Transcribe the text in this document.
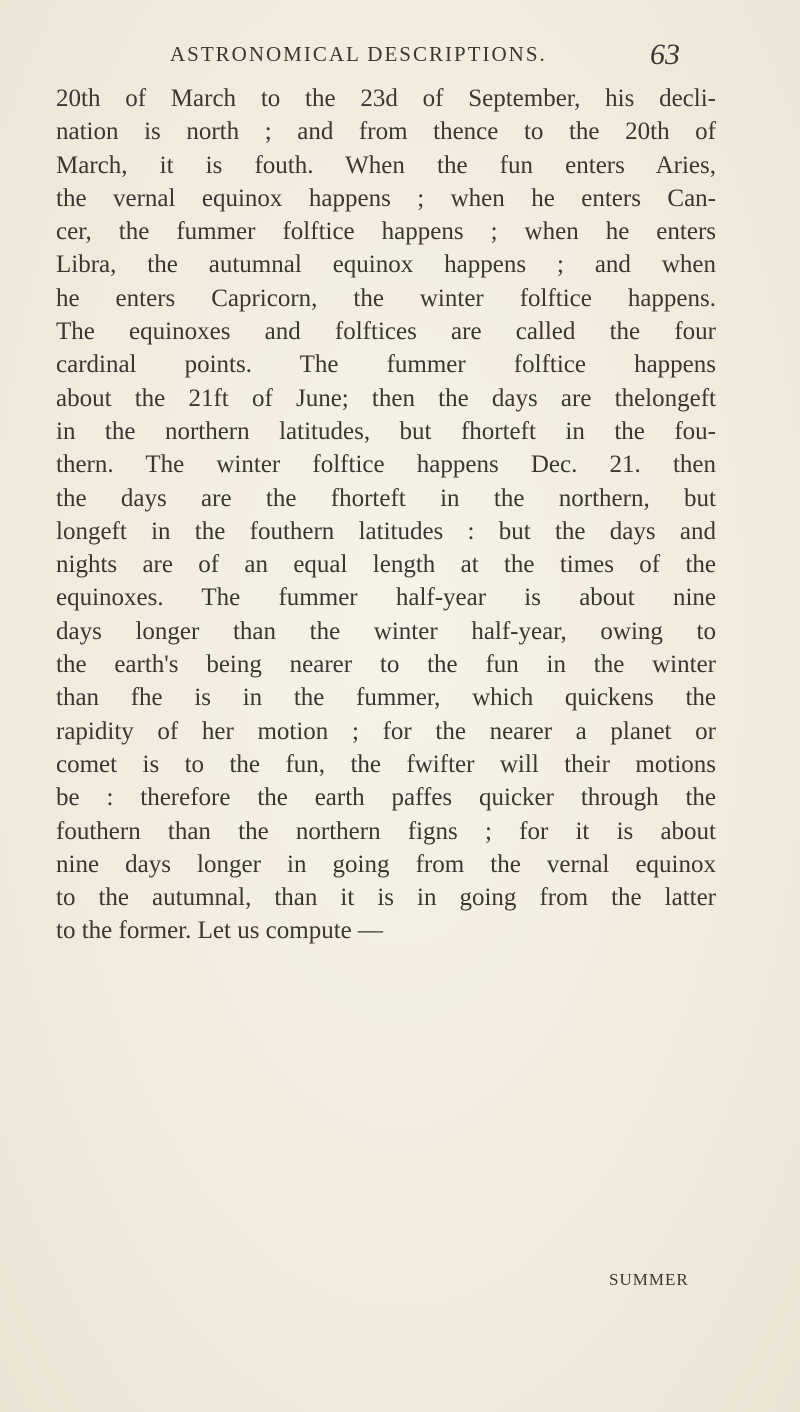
ASTRONOMICAL DESCRIPTIONS.	63
20th of March to the 23d of September, his decli-
nation is north ; and from thence to the 20th of
March, it is fouth. When the fun enters Aries,
the vernal equinox happens ; when he enters Can-
cer, the fummer folftice happens ; when he enters
Libra, the autumnal equinox happens ; and when
he enters Capricorn, the winter folftice happens.
The equinoxes and folftices are called the four
cardinal points. The fummer folftice happens
about the 21ft of June; then the days are thelongeft
in the northern latitudes, but fhorteft in the fou-
thern. The winter folftice happens Dec. 21. then
the days are the fhorteft in the northern, but
longeft in the fouthern latitudes : but the days and
nights are of an equal length at the times of the
equinoxes. The fummer half-year is about nine
days longer than the winter half-year, owing to
the earth's being nearer to the fun in the winter
than fhe is in the fummer, which quickens the
rapidity of her motion ; for the nearer a planet or
comet is to the fun, the fwifter will their motions
be : therefore the earth paffes quicker through the
fouthern than the northern figns ; for it is about
nine days longer in going from the vernal equinox
to the autumnal, than it is in going from the latter
to the former. Let us compute —
SUMMER
